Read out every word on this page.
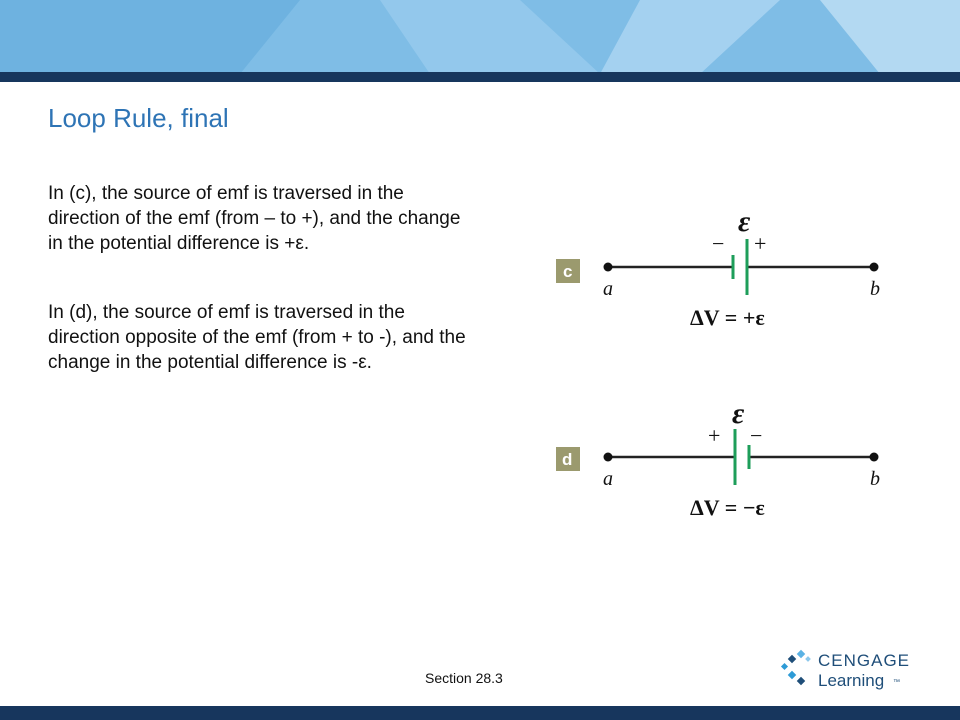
Loop Rule, final
In (c), the source of emf is traversed in the direction of the emf (from – to +), and the change in the potential difference is +ε.
In (d), the source of emf is traversed in the direction opposite of the emf (from + to -), and the change in the potential difference is -ε.
ε
− +
c
a	b
ΔV = +ε
ε
+ −
d
a	b
ΔV = −ε
Section 28.3
CENGAGE
Learning ™
